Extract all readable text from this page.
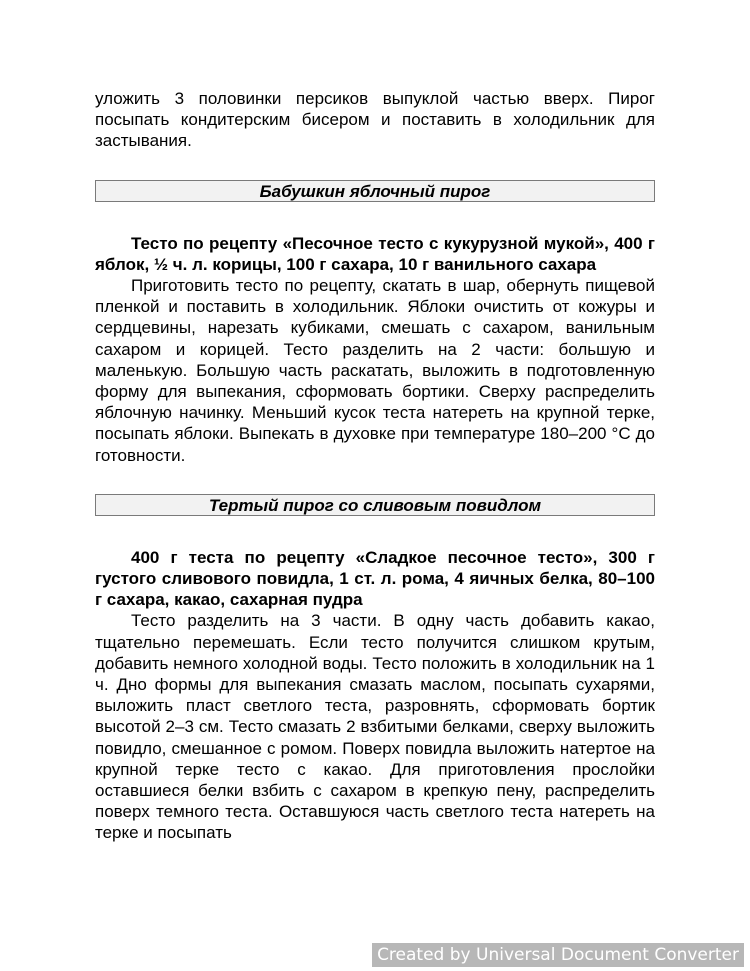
уложить 3 половинки персиков выпуклой частью вверх. Пирог посыпать кондитерским бисером и поставить в холодильник для застывания.

Бабушкин яблочный пирог

Тесто по рецепту «Песочное тесто с кукурузной мукой», 400 г яблок, ½ ч. л. корицы, 100 г сахара, 10 г ванильного сахара

Приготовить тесто по рецепту, скатать в шар, обернуть пищевой пленкой и поставить в холодильник. Яблоки очистить от кожуры и сердцевины, нарезать кубиками, смешать с сахаром, ванильным сахаром и корицей. Тесто разделить на 2 части: большую и маленькую. Большую часть раскатать, выложить в подготовленную форму для выпекания, сформовать бортики. Сверху распределить яблочную начинку. Меньший кусок теста натереть на крупной терке, посыпать яблоки. Выпекать в духовке при температуре 180–200 °С до готовности.

Тертый пирог со сливовым повидлом

400 г теста по рецепту «Сладкое песочное тесто», 300 г густого сливового повидла, 1 ст. л. рома, 4 яичных белка, 80–100 г сахара, какао, сахарная пудра

Тесто разделить на 3 части. В одну часть добавить какао, тщательно перемешать. Если тесто получится слишком крутым, добавить немного холодной воды. Тесто положить в холодильник на 1 ч. Дно формы для выпекания смазать маслом, посыпать сухарями, выложить пласт светлого теста, разровнять, сформовать бортик высотой 2–3 см. Тесто смазать 2 взбитыми белками, сверху выложить повидло, смешанное с ромом. Поверх повидла выложить натертое на крупной терке тесто с какао. Для приготовления прослойки оставшиеся белки взбить с сахаром в крепкую пену, распределить поверх темного теста. Оставшуюся часть светлого теста натереть на терке и посыпать

Created by Universal Document Converter
